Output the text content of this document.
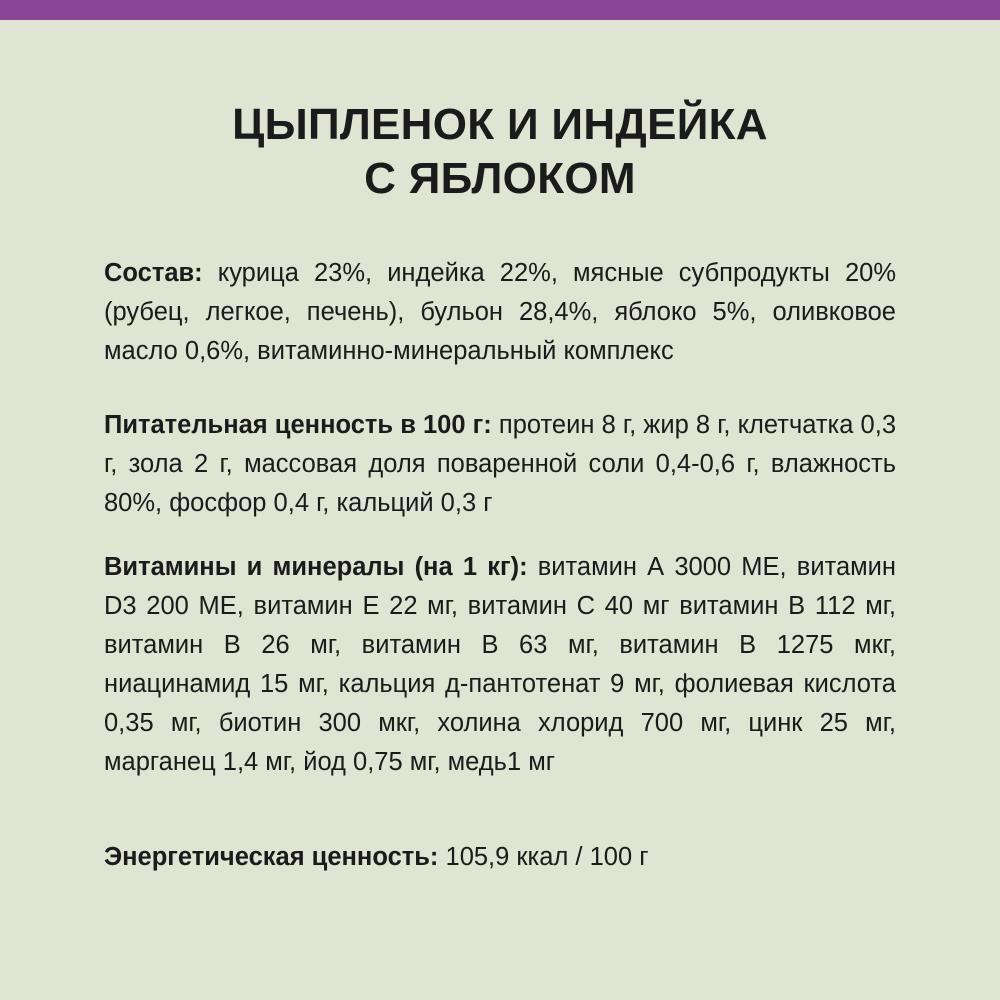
ЦЫПЛЕНОК И ИНДЕЙКА
С ЯБЛОКОМ

Состав: курица 23%, индейка 22%, мясные субпродукты 20% (рубец, легкое, печень), бульон 28,4%, яблоко 5%, оливковое масло 0,6%, витаминно-минеральный комплекс

Питательная ценность в 100 г: протеин 8 г, жир 8 г, клетчатка 0,3 г, зола 2 г, массовая доля поваренной соли 0,4-0,6 г, влажность 80%, фосфор 0,4 г, кальций 0,3 г

Витамины и минералы (на 1 кг): витамин А 3000 МЕ, витамин D3 200 МЕ, витамин Е 22 мг, витамин С 40 мг витамин В 112 мг, витамин В 26 мг, витамин В 63 мг, витамин В 1275 мкг, ниацинамид 15 мг, кальция д-пантотенат 9 мг, фолиевая кислота 0,35 мг, биотин 300 мкг, холина хлорид 700 мг, цинк 25 мг, марганец 1,4 мг, йод 0,75 мг, медь1 мг

Энергетическая ценность: 105,9 ккал / 100 г
